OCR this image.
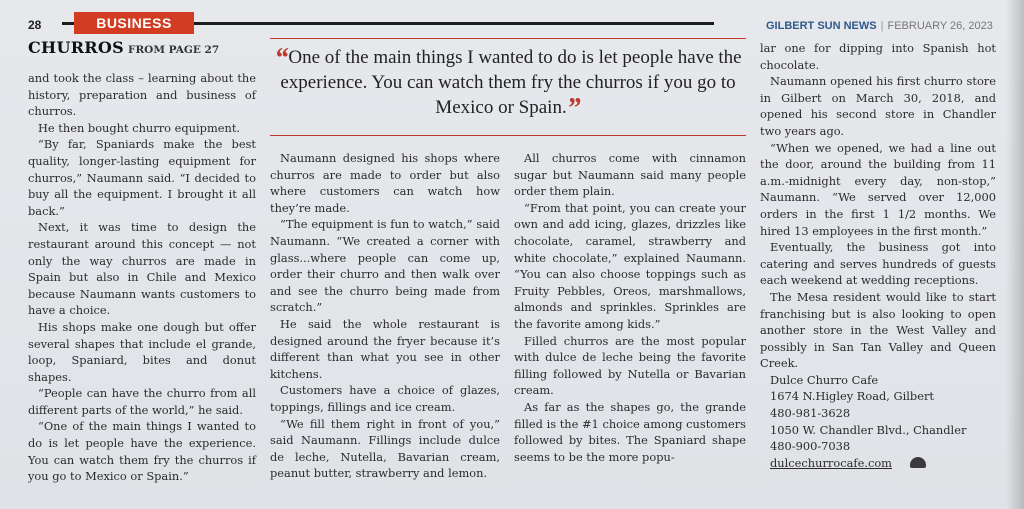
28	BUSINESS	GILBERT SUN NEWS | FEBRUARY 26, 2023
CHURROS FROM PAGE 27

and took the class – learning about the history, preparation and business of churros.

He then bought churro equipment.

“By far, Spaniards make the best quality, longer-lasting equipment for churros,” Naumann said. “I decided to buy all the equipment. I brought it all back.”

Next, it was time to design the restaurant around this concept — not only the way churros are made in Spain but also in Chile and Mexico because Naumann wants customers to have a choice.

His shops make one dough but offer several shapes that include el grande, loop, Spaniard, bites and donut shapes.

“People can have the churro from all different parts of the world,” he said.

“One of the main things I wanted to do is let people have the experience. You can watch them fry the churros if you go to Mexico or Spain.”

“One of the main things I wanted to do is let people have the experience. You can watch them fry the churros if you go to Mexico or Spain.”

Naumann designed his shops where churros are made to order but also where customers can watch how they’re made.

“The equipment is fun to watch,” said Naumann. “We created a corner with glass...where people can come up, order their churro and then walk over and see the churro being made from scratch.”

He said the whole restaurant is designed around the fryer because it’s different than what you see in other kitchens.

Customers have a choice of glazes, toppings, fillings and ice cream.

“We fill them right in front of you,” said Naumann. Fillings include dulce de leche, Nutella, Bavarian cream, peanut butter, strawberry and lemon.

All churros come with cinnamon sugar but Naumann said many people order them plain.

“From that point, you can create your own and add icing, glazes, drizzles like chocolate, caramel, strawberry and white chocolate,” explained Naumann. “You can also choose toppings such as Fruity Pebbles, Oreos, marshmallows, almonds and sprinkles. Sprinkles are the favorite among kids.”

Filled churros are the most popular with dulce de leche being the favorite filling followed by Nutella or Bavarian cream.

As far as the shapes go, the grande filled is the #1 choice among customers followed by bites. The Spaniard shape seems to be the more popu-

lar one for dipping into Spanish hot chocolate.

Naumann opened his first churro store in Gilbert on March 30, 2018, and opened his second store in Chandler two years ago.

“When we opened, we had a line out the door, around the building from 11 a.m.-midnight every day, non-stop,” Naumann. “We served over 12,000 orders in the first 1 1/2 months. We hired 13 employees in the first month.”

Eventually, the business got into catering and serves hundreds of guests each weekend at wedding receptions.

The Mesa resident would like to start franchising but is also looking to open another store in the West Valley and possibly in San Tan Valley and Queen Creek.

Dulce Churro Cafe

1674 N.Higley Road, Gilbert

480-981-3628

1050 W. Chandler Blvd., Chandler

480-900-7038

dulcechurrocafe.com
